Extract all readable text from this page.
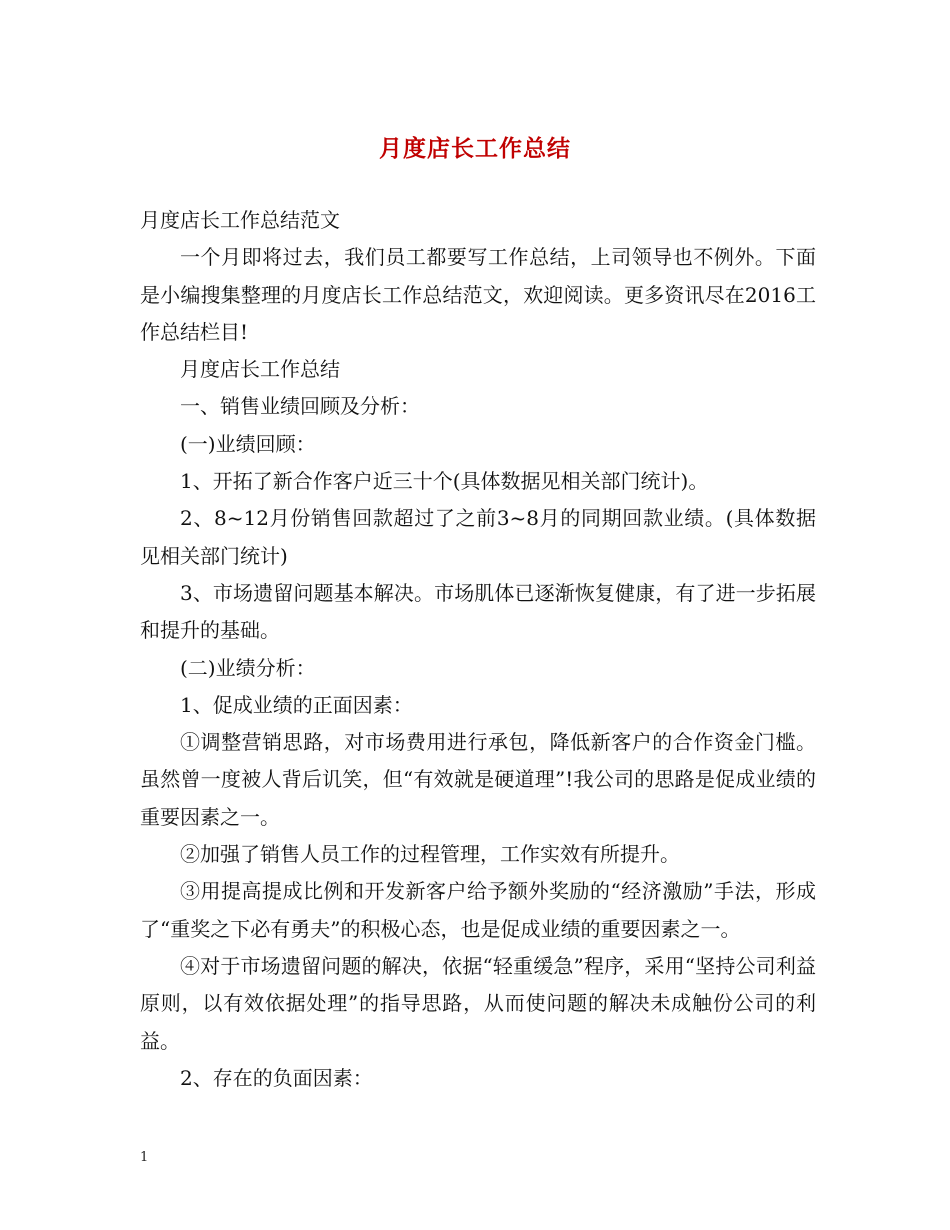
月度店长工作总结

月度店长工作总结范文

一个月即将过去，我们员工都要写工作总结，上司领导也不例外。下面是小编搜集整理的月度店长工作总结范文，欢迎阅读。更多资讯尽在2016工作总结栏目!

月度店长工作总结

一、销售业绩回顾及分析：

(一)业绩回顾：

1、开拓了新合作客户近三十个(具体数据见相关部门统计)。

2、8~12月份销售回款超过了之前3~8月的同期回款业绩。(具体数据见相关部门统计)

3、市场遗留问题基本解决。市场肌体已逐渐恢复健康，有了进一步拓展和提升的基础。

(二)业绩分析：

1、促成业绩的正面因素：

①调整营销思路，对市场费用进行承包，降低新客户的合作资金门槛。虽然曾一度被人背后讥笑，但“有效就是硬道理”!我公司的思路是促成业绩的重要因素之一。

②加强了销售人员工作的过程管理，工作实效有所提升。

③用提高提成比例和开发新客户给予额外奖励的“经济激励”手法，形成了“重奖之下必有勇夫”的积极心态，也是促成业绩的重要因素之一。

④对于市场遗留问题的解决，依据“轻重缓急”程序，采用“坚持公司利益原则，以有效依据处理”的指导思路，从而使问题的解决未成触份公司的利益。

2、存在的负面因素：

1
